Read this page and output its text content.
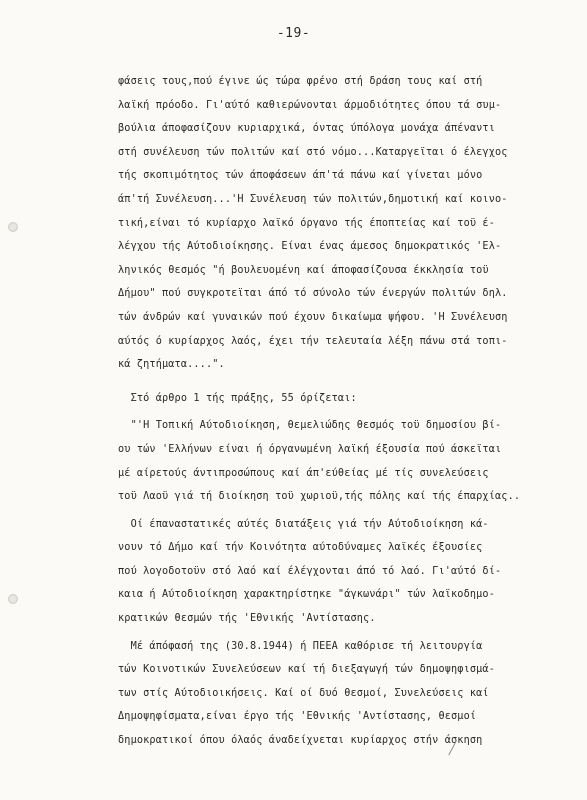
-19-
φάσεις τους,πού έγινε ώς τώρα φρένο στή δράση τους καί στή
λαϊκή πρόοδο. Γι'αύτό καθιερώνονται άρμοδιότητες όπου τά συμ-
βούλια άποφασίζουν κυριαρχικά, όντας ύπόλογα μονάχα άπέναντι
στή συνέλευση τών πολιτών καί στό νόμο...Καταργεϊται ό έλεγχος
τής σκοπιμότητος τών άποφάσεων άπ'τά πάνω καί γίνεται μόνο
άπ'τή Συνέλευση...'Η Συνέλευση τών πολιτών,δημοτική καί κοινο-
τική,είναι τό κυρίαρχο λαϊκό όργανο τής έποπτείας καί τοϋ έ-
λέγχου τής Αύτοδιοίκησης. Είναι ένας άμεσος δημοκρατικός 'Ελ-
ληνικός θεσμός "ή βουλευομένη καί άποφασίζουσα έκκλησία τοϋ
Δήμου" πού συγκροτεϊται άπό τό σύνολο τών ένεργών πολιτών δηλ.
τών άνδρών καί γυναικών πού έχουν δικαίωμα ψήφου. 'Η Συνέλευση
αύτός ό κυρίαρχος λαός, έχει τήν τελευταία λέξη πάνω στά τοπι-
κά ζητήματα....".
Στό άρθρο 1 τής πράξης, 55 όρίζεται:
"'Η Τοπική Αύτοδιοίκηση, θεμελιώδης θεσμός τοϋ δημοσίου βί-
ου τών 'Ελλήνων είναι ή όργανωμένη λαϊκή έξουσία πού άσκεϊται
μέ αίρετούς άντιπροσώπους καί άπ'εύθείας μέ τίς συνελεύσεις
τοϋ Λαοϋ γιά τή διοίκηση τοϋ χωριοϋ,τής πόλης καί τής έπαρχίας..
Οί έπαναστατικές αύτές διατάξεις γιά τήν Αύτοδιοίκηση κά-
νουν τό Δήμο καί τήν Κοινότητα αύτοδύναμες λαϊκές έξουσίες
πού λογοδοτοϋν στό λαό καί έλέγχονται άπό τό λαό. Γι'αύτό δί-
καια ή Αύτοδιοίκηση χαρακτηρίστηκε "άγκωνάρι" τών λαϊκοδημο-
κρατικών θεσμών τής 'Εθνικής 'Αντίστασης.
Μέ άπόφασή της (30.8.1944) ή ΠΕΕΑ καθόρισε τή λειτουργία
τών Κοινοτικών Συνελεύσεων καί τή διεξαγωγή τών δημοψηφισμά-
των στίς Αύτοδιοικήσεις. Καί οί δυό θεσμοί, Συνελεύσεις καί
Δημοψηφίσματα,είναι έργο τής 'Εθνικής 'Αντίστασης, θεσμοί
δημοκρατικοί όπου όλαός άναδείχνεται κυρίαρχος στήν άσκηση
